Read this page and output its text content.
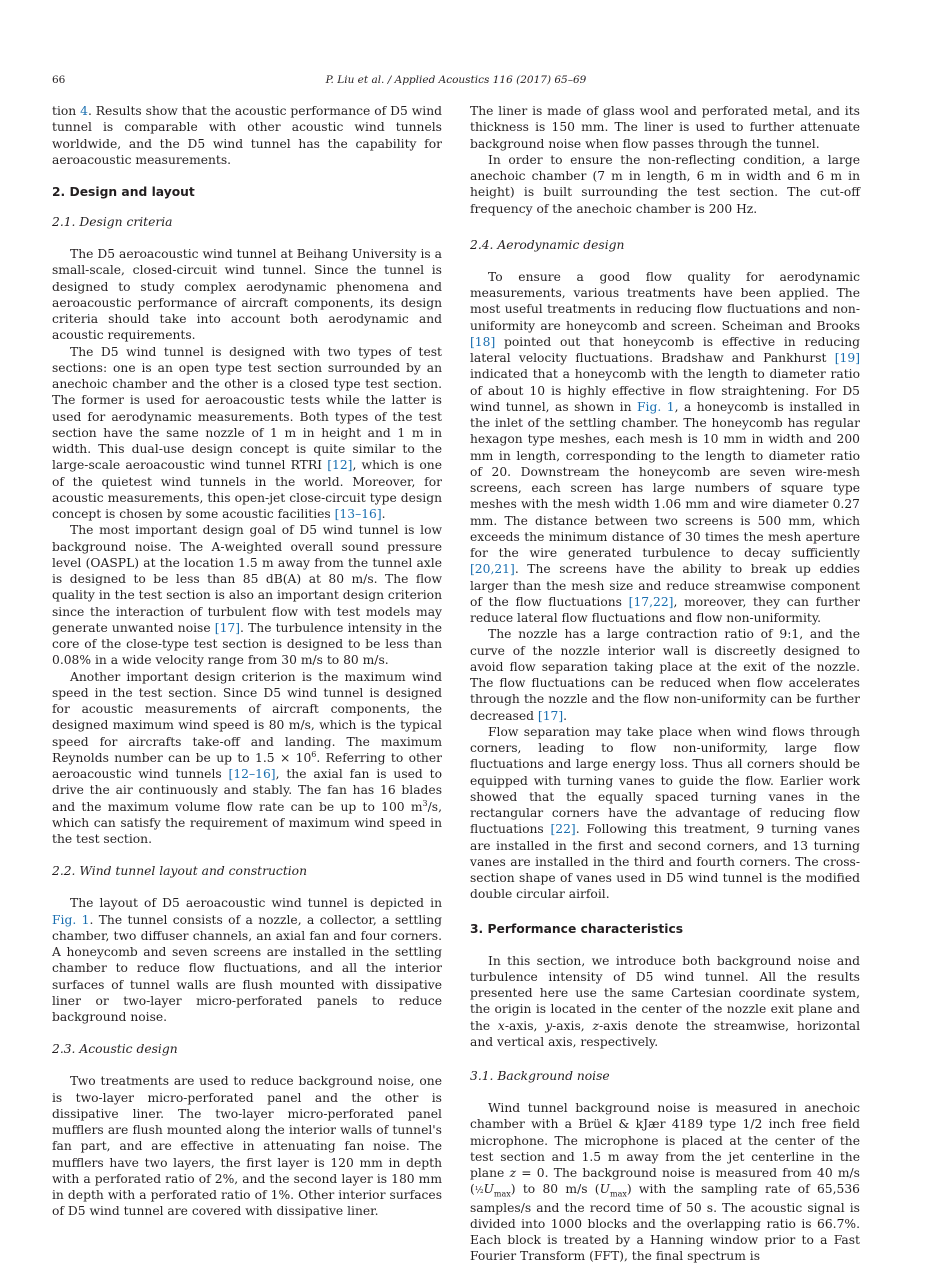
66	P. Liu et al. / Applied Acoustics 116 (2017) 65–69

tion 4. Results show that the acoustic performance of D5 wind tunnel is comparable with other acoustic wind tunnels worldwide, and the D5 wind tunnel has the capability for aeroacoustic measurements.

2. Design and layout
2.1. Design criteria

The D5 aeroacoustic wind tunnel at Beihang University is a small-scale, closed-circuit wind tunnel. Since the tunnel is designed to study complex aerodynamic phenomena and aeroacoustic performance of aircraft components, its design criteria should take into account both aerodynamic and acoustic requirements.

The D5 wind tunnel is designed with two types of test sections: one is an open type test section surrounded by an anechoic chamber and the other is a closed type test section. The former is used for aeroacoustic tests while the latter is used for aerodynamic measurements. Both types of the test section have the same nozzle of 1 m in height and 1 m in width. This dual-use design concept is quite similar to the large-scale aeroacoustic wind tunnel RTRI [12], which is one of the quietest wind tunnels in the world. Moreover, for acoustic measurements, this open-jet close-circuit type design concept is chosen by some acoustic facilities [13–16].

The most important design goal of D5 wind tunnel is low background noise. The A-weighted overall sound pressure level (OASPL) at the location 1.5 m away from the tunnel axle is designed to be less than 85 dB(A) at 80 m/s. The flow quality in the test section is also an important design criterion since the interaction of turbulent flow with test models may generate unwanted noise [17]. The turbulence intensity in the core of the close-type test section is designed to be less than 0.08% in a wide velocity range from 30 m/s to 80 m/s.

Another important design criterion is the maximum wind speed in the test section. Since D5 wind tunnel is designed for acoustic measurements of aircraft components, the designed maximum wind speed is 80 m/s, which is the typical speed for aircrafts take-off and landing. The maximum Reynolds number can be up to $1.5 \times 10^6$. Referring to other aeroacoustic wind tunnels [12–16], the axial fan is used to drive the air continuously and stably. The fan has 16 blades and the maximum volume flow rate can be up to 100 $m^3/s$, which can satisfy the requirement of maximum wind speed in the test section.

2.2. Wind tunnel layout and construction

The layout of D5 aeroacoustic wind tunnel is depicted in Fig. 1. The tunnel consists of a nozzle, a collector, a settling chamber, two diffuser channels, an axial fan and four corners. A honeycomb and seven screens are installed in the settling chamber to reduce flow fluctuations, and all the interior surfaces of tunnel walls are flush mounted with dissipative liner or two-layer micro-perforated panels to reduce background noise.

2.3. Acoustic design

Two treatments are used to reduce background noise, one is two-layer micro-perforated panel and the other is dissipative liner. The two-layer micro-perforated panel mufflers are flush mounted along the interior walls of tunnel's fan part, and are effective in attenuating fan noise. The mufflers have two layers, the first layer is 120 mm in depth with a perforated ratio of 2%, and the second layer is 180 mm in depth with a perforated ratio of 1%. Other interior surfaces of D5 wind tunnel are covered with dissipative liner.

The liner is made of glass wool and perforated metal, and its thickness is 150 mm. The liner is used to further attenuate background noise when flow passes through the tunnel.

In order to ensure the non-reflecting condition, a large anechoic chamber (7 m in length, 6 m in width and 6 m in height) is built surrounding the test section. The cut-off frequency of the anechoic chamber is 200 Hz.

2.4. Aerodynamic design

To ensure a good flow quality for aerodynamic measurements, various treatments have been applied. The most useful treatments in reducing flow fluctuations and non-uniformity are honeycomb and screen. Scheiman and Brooks [18] pointed out that honeycomb is effective in reducing lateral velocity fluctuations. Bradshaw and Pankhurst [19] indicated that a honeycomb with the length to diameter ratio of about 10 is highly effective in flow straightening. For D5 wind tunnel, as shown in Fig. 1, a honeycomb is installed in the inlet of the settling chamber. The honeycomb has regular hexagon type meshes, each mesh is 10 mm in width and 200 mm in length, corresponding to the length to diameter ratio of 20. Downstream the honeycomb are seven wire-mesh screens, each screen has large numbers of square type meshes with the mesh width 1.06 mm and wire diameter 0.27 mm. The distance between two screens is 500 mm, which exceeds the minimum distance of 30 times the mesh aperture for the wire generated turbulence to decay sufficiently [20,21]. The screens have the ability to break up eddies larger than the mesh size and reduce streamwise component of the flow fluctuations [17,22], moreover, they can further reduce lateral flow fluctuations and flow non-uniformity.

The nozzle has a large contraction ratio of 9:1, and the curve of the nozzle interior wall is discreetly designed to avoid flow separation taking place at the exit of the nozzle. The flow fluctuations can be reduced when flow accelerates through the nozzle and the flow non-uniformity can be further decreased [17].

Flow separation may take place when wind flows through corners, leading to flow non-uniformity, large flow fluctuations and large energy loss. Thus all corners should be equipped with turning vanes to guide the flow. Earlier work showed that the equally spaced turning vanes in the rectangular corners have the advantage of reducing flow fluctuations [22]. Following this treatment, 9 turning vanes are installed in the first and second corners, and 13 turning vanes are installed in the third and fourth corners. The cross-section shape of vanes used in D5 wind tunnel is the modified double circular airfoil.

3. Performance characteristics

In this section, we introduce both background noise and turbulence intensity of D5 wind tunnel. All the results presented here use the same Cartesian coordinate system, the origin is located in the center of the nozzle exit plane and the x-axis, y-axis, z-axis denote the streamwise, horizontal and vertical axis, respectively.

3.1. Background noise

Wind tunnel background noise is measured in anechoic chamber with a Brüel & kJær 4189 type 1/2 inch free field microphone. The microphone is placed at the center of the test section and 1.5 m away from the jet centerline in the plane z = 0. The background noise is measured from 40 m/s $(\frac{1}{2}U_{max})$ to 80 m/s $(U_{max})$ with the sampling rate of 65,536 samples/s and the record time of 50 s. The acoustic signal is divided into 1000 blocks and the overlapping ratio is 66.7%. Each block is treated by a Hanning window prior to a Fast Fourier Transform (FFT), the final spectrum is
